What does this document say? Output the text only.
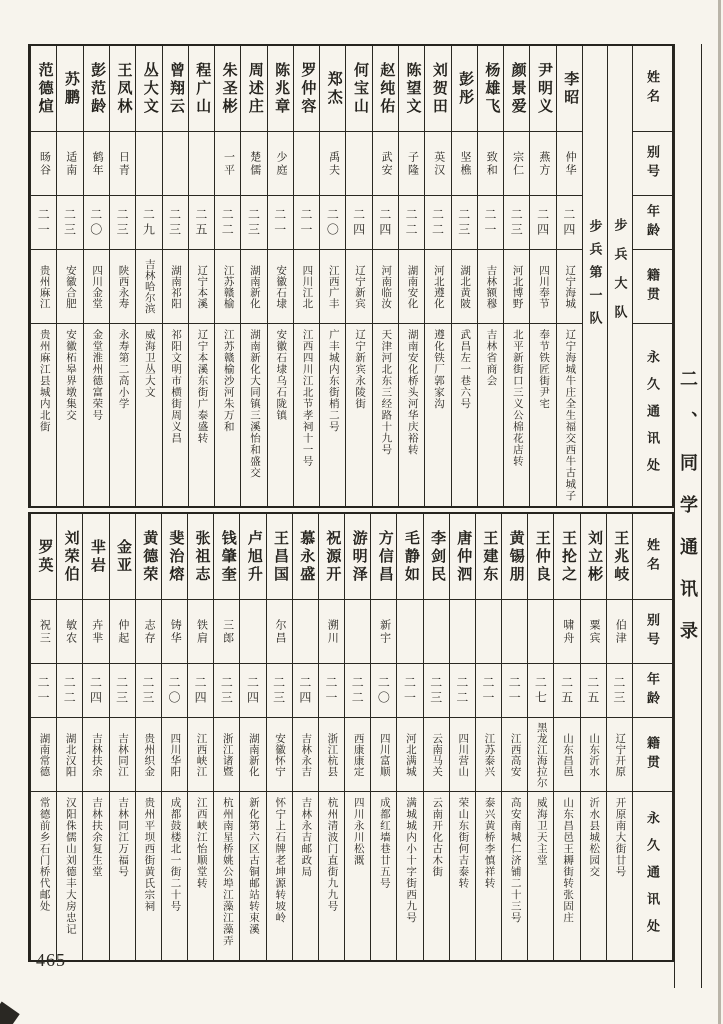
姓名
别号
年龄
籍贯
永久通讯处
步兵大队
步兵第一队
李昭
仲华
二四
辽宁海城
辽宁海城牛庄全生福交西牛古城子
尹明义
燕方
二四
四川奉节
奉节铁匠街尹宅
颜景爱
宗仁
二三
河北博野
北平新街口三义公棉花店转
杨雄飞
致和
二一
吉林额穆
吉林省商会
彭彤
坚樵
二三
湖北黄陂
武昌左一巷六号
刘贺田
英汉
二二
河北遵化
遵化铁厂郭家沟
陈望文
子隆
二二
湖南安化
湖南安化桥头河华庆裕转
赵纯佑
武安
二四
河南临汝
天津河北东三经路十九号
何宝山
二四
辽宁新宾
辽宁新宾永陵街
郑杰
禹夫
二〇
江西广丰
广丰城内东街梢二号
罗仲容
二一
四川江北
江西四川江北节孝祠十一号
陈兆章
少庭
二一
安徽石埭
安徽石埭乌石陇镇
周述庄
楚儒
二三
湖南新化
湖南新化大同镇三溪怡和盛交
朱圣彬
一平
二二
江苏赣榆
江苏赣榆沙河朱万和
程广山
二五
辽宁本溪
辽宁本溪东街广泰盛转
曾翔云
二三
湖南祁阳
祁阳文明市横街周义昌
丛大文
二九
吉林哈尔滨
威海卫丛大文
王凤林
日青
二三
陕西永寿
永寿第二高小学
彭范龄
鹤年
二〇
四川金堂
金堂淮州德富荣号
苏鹏
适南
二三
安徽合肥
安徽柘皋界墩集交
范德煊
旸谷
二一
贵州麻江
贵州麻江县城内北街
姓名
别号
年龄
籍贯
永久通讯处
王兆岐
伯津
二三
辽宁开原
开原南大街廿号
刘立彬
粟宾
二五
山东沂水
沂水县城松园交
王抡之
啸舟
二五
山东昌邑
山东昌邑王耨街转张固庄
王仲良
二七
黑龙江海拉尔
威海卫天主堂
黄锡朋
二一
江西高安
高安南城仁济铺二十三号
王建东
二一
江苏泰兴
泰兴黄桥李慎祥转
唐仲泗
二二
四川营山
荣山东街何吉泰转
李剑民
二三
云南马关
云南开化古木街
毛静如
二一
河北满城
满城城内小十字街西九号
方信昌
新宇
二〇
四川富顺
成都红墙巷廿五号
游明泽
二二
西康康定
四川永川松溉
祝源开
溯川
二一
浙江杭县
杭州清波门直街九九号
慕永盛
二四
吉林永吉
吉林永吉邮政局
王昌国
尔昌
二三
安徽怀宁
怀宁上石牌老坤源转坡岭
卢旭升
二四
湖南新化
新化第六区古铜邮站转束溪
钱肇奎
三郎
二三
浙江诸暨
杭州南星桥姚公埠江藻江藻弄
张祖志
铁肩
二四
江西峡江
江西峡江怡顺堂转
斐治熔
铸华
二〇
四川华阳
成都鼓楼北一街二十号
黄德荣
志存
二三
贵州织金
贵州平坝西街黄氏宗祠
金亚
仲起
二三
吉林同江
吉林同江万福号
芈岩
卉芈
二四
吉林扶余
吉林扶余复生堂
刘荣伯
敏农
二二
湖北汉阳
汉阳侏儒山刘德丰大房忠记
罗英
祝三
二一
湖南常德
常德前乡石门桥代邮处
二、同学通讯录
465
